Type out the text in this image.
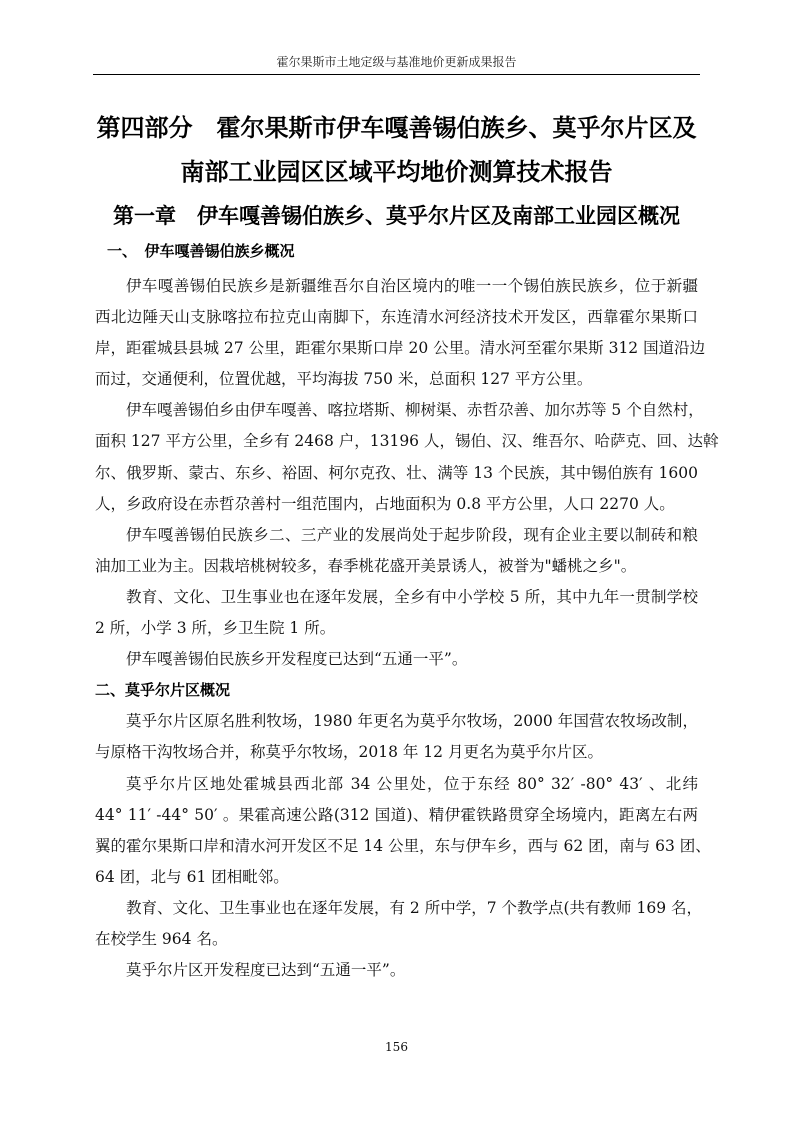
霍尔果斯市土地定级与基准地价更新成果报告
第四部分　霍尔果斯市伊车嘎善锡伯族乡、莫乎尔片区及
南部工业园区区域平均地价测算技术报告
第一章　伊车嘎善锡伯族乡、莫乎尔片区及南部工业园区概况
一、　伊车嘎善锡伯族乡概况
伊车嘎善锡伯民族乡是新疆维吾尔自治区境内的唯一一个锡伯族民族乡，位于新疆
西北边陲天山支脉喀拉布拉克山南脚下，东连清水河经济技术开发区，西靠霍尔果斯口
岸，距霍城县县城 27 公里，距霍尔果斯口岸 20 公里。清水河至霍尔果斯 312 国道沿边
而过，交通便利，位置优越，平均海拔 750 米，总面积 127 平方公里。
伊车嘎善锡伯乡由伊车嘎善、喀拉塔斯、柳树渠、赤哲尕善、加尔苏等 5 个自然村，
面积 127 平方公里，全乡有 2468 户，13196 人，锡伯、汉、维吾尔、哈萨克、回、达斡
尔、俄罗斯、蒙古、东乡、裕固、柯尔克孜、壮、满等 13 个民族，其中锡伯族有 1600
人，乡政府设在赤哲尕善村一组范围内，占地面积为 0.8 平方公里，人口 2270 人。
伊车嘎善锡伯民族乡二、三产业的发展尚处于起步阶段，现有企业主要以制砖和粮
油加工业为主。因栽培桃树较多，春季桃花盛开美景诱人，被誉为"蟠桃之乡"。
教育、文化、卫生事业也在逐年发展，全乡有中小学校 5 所，其中九年一贯制学校
2 所，小学 3 所，乡卫生院 1 所。
伊车嘎善锡伯民族乡开发程度已达到“五通一平”。
二、莫乎尔片区概况
莫乎尔片区原名胜利牧场，1980 年更名为莫乎尔牧场，2000 年国营农牧场改制，
与原格干沟牧场合并，称莫乎尔牧场，2018 年 12 月更名为莫乎尔片区。
莫乎尔片区地处霍城县西北部 34 公里处，位于东经 80° 32′ -80° 43′ 、北纬
44° 11′ -44° 50′ 。果霍高速公路(312 国道)、精伊霍铁路贯穿全场境内，距离左右两
翼的霍尔果斯口岸和清水河开发区不足 14 公里，东与伊车乡，西与 62 团，南与 63 团、
64 团，北与 61 团相毗邻。
教育、文化、卫生事业也在逐年发展，有 2 所中学，7 个教学点(共有教师 169 名，
在校学生 964 名。
莫乎尔片区开发程度已达到“五通一平”。
156
